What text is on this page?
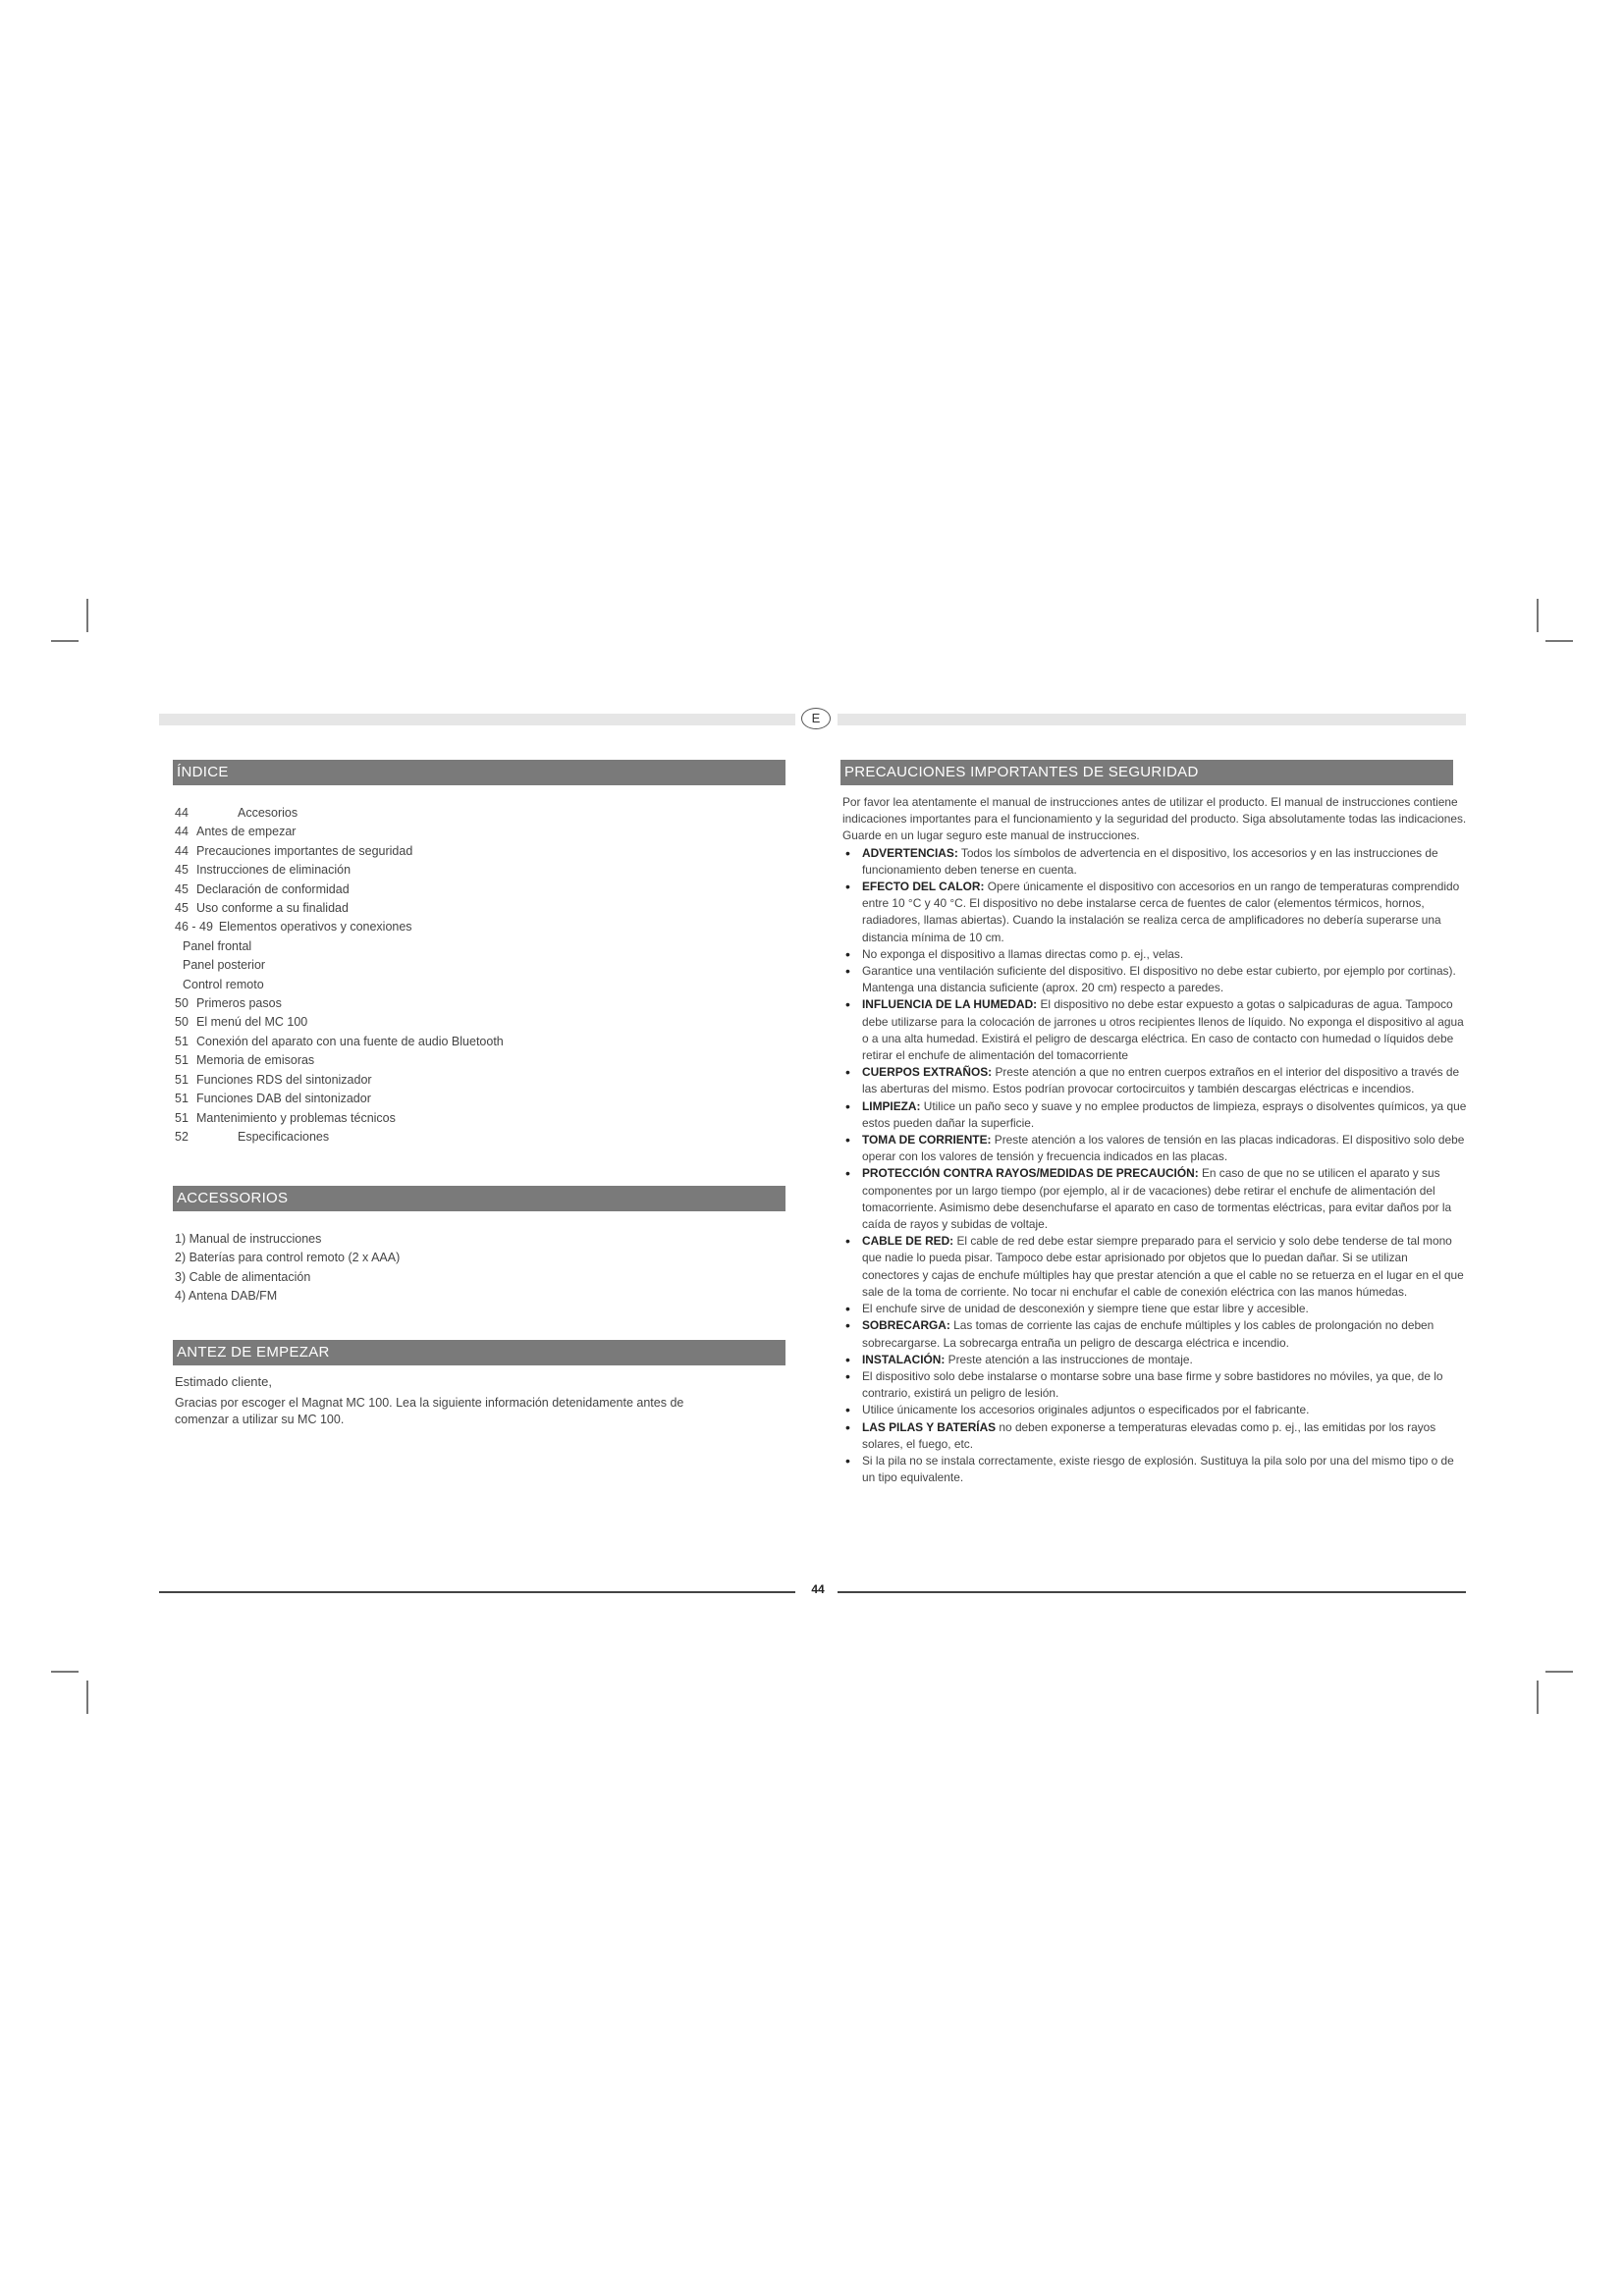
E
ÍNDICE
44	Accesorios
44 Antes de empezar
44 Precauciones importantes de seguridad
45 Instrucciones de eliminación
45 Declaración de conformidad
45 Uso conforme a su finalidad
46 - 49 Elementos operativos y conexiones
Panel frontal
Panel posterior
Control remoto
50 Primeros pasos
50 El menú del MC 100
51 Conexión del aparato con una fuente de audio Bluetooth
51 Memoria de emisoras
51 Funciones RDS del sintonizador
51 Funciones DAB del sintonizador
51 Mantenimiento y problemas técnicos
52	Especificaciones
ACCESSORIOS
1) Manual de instrucciones
2) Baterías para control remoto (2 x AAA)
3) Cable de alimentación
4) Antena DAB/FM
ANTEZ DE EMPEZAR
Estimado cliente,
Gracias por escoger el Magnat MC 100. Lea la siguiente información detenidamente antes de comenzar a utilizar su MC 100.
PRECAUCIONES IMPORTANTES DE SEGURIDAD

Por favor lea atentamente el manual de instrucciones antes de utilizar el producto. El manual de instrucciones contiene indicaciones importantes para el funcionamiento y la seguridad del producto. Siga absolutamente todas las indicaciones. Guarde en un lugar seguro este manual de instrucciones.

• ADVERTENCIAS: Todos los símbolos de advertencia en el dispositivo, los accesorios y en las instrucciones de funcionamiento deben tenerse en cuenta.
• EFECTO DEL CALOR: Opere únicamente el dispositivo con accesorios en un rango de temperaturas comprendido entre 10 °C y 40 °C. El dispositivo no debe instalarse cerca de fuentes de calor (elementos térmicos, hornos, radiadores, llamas abiertas). Cuando la instalación se realiza cerca de amplificadores no debería superarse una distancia mínima de 10 cm.
• No exponga el dispositivo a llamas directas como p. ej., velas.
• Garantice una ventilación suficiente del dispositivo. El dispositivo no debe estar cubierto, por ejemplo por cortinas). Mantenga una distancia suficiente (aprox. 20 cm) respecto a paredes.
• INFLUENCIA DE LA HUMEDAD: El dispositivo no debe estar expuesto a gotas o salpicaduras de agua. Tampoco debe utilizarse para la colocación de jarrones u otros recipientes llenos de líquido. No exponga el dispositivo al agua o a una alta humedad. Existirá el peligro de descarga eléctrica. En caso de contacto con humedad o líquidos debe retirar el enchufe de alimentación del tomacorriente
• CUERPOS EXTRAÑOS: Preste atención a que no entren cuerpos extraños en el interior del dispositivo a través de las aberturas del mismo. Estos podrían provocar cortocircuitos y también descargas eléctricas e incendios.
• LIMPIEZA: Utilice un paño seco y suave y no emplee productos de limpieza, esprays o disolventes químicos, ya que estos pueden dañar la superficie.
• TOMA DE CORRIENTE: Preste atención a los valores de tensión en las placas indicadoras. El dispositivo solo debe operar con los valores de tensión y frecuencia indicados en las placas.
• PROTECCIÓN CONTRA RAYOS/MEDIDAS DE PRECAUCIÓN: En caso de que no se utilicen el aparato y sus componentes por un largo tiempo (por ejemplo, al ir de vacaciones) debe retirar el enchufe de alimentación del tomacorriente. Asimismo debe desenchufarse el aparato en caso de tormentas eléctricas, para evitar daños por la caída de rayos y subidas de voltaje.
• CABLE DE RED: El cable de red debe estar siempre preparado para el servicio y solo debe tenderse de tal mono que nadie lo pueda pisar. Tampoco debe estar aprisionado por objetos que lo puedan dañar. Si se utilizan conectores y cajas de enchufe múltiples hay que prestar atención a que el cable no se retuerza en el lugar en el que sale de la toma de corriente. No tocar ni enchufar el cable de conexión eléctrica con las manos húmedas.
• El enchufe sirve de unidad de desconexión y siempre tiene que estar libre y accesible.
• SOBRECARGA: Las tomas de corriente las cajas de enchufe múltiples y los cables de prolongación no deben sobrecargarse. La sobrecarga entraña un peligro de descarga eléctrica e incendio.
• INSTALACIÓN: Preste atención a las instrucciones de montaje.
• El dispositivo solo debe instalarse o montarse sobre una base firme y sobre bastidores no móviles, ya que, de lo contrario, existirá un peligro de lesión.
• Utilice únicamente los accesorios originales adjuntos o especificados por el fabricante.
• LAS PILAS Y BATERÍAS no deben exponerse a temperaturas elevadas como p. ej., las emitidas por los rayos solares, el fuego, etc.
• Si la pila no se instala correctamente, existe riesgo de explosión. Sustituya la pila solo por una del mismo tipo o de un tipo equivalente.
44
